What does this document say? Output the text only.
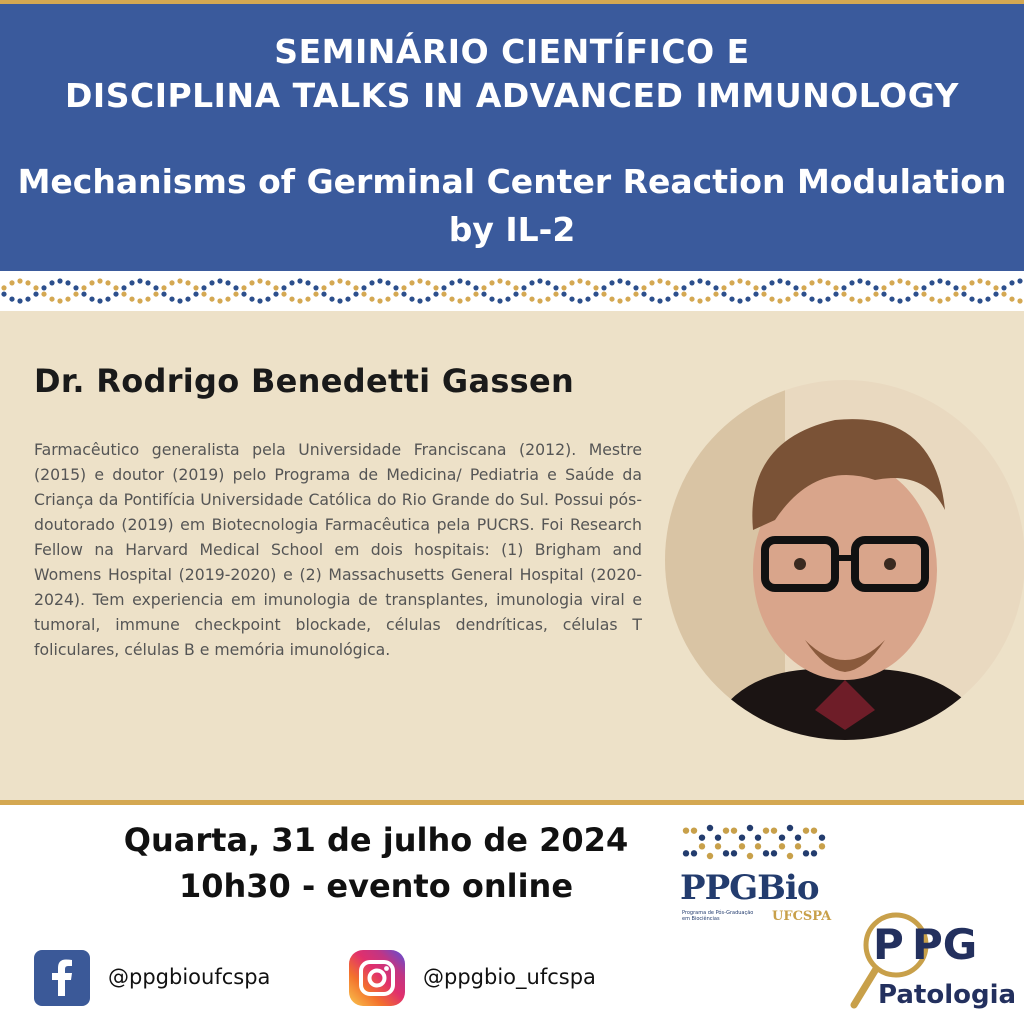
SEMINÁRIO CIENTÍFICO E
DISCIPLINA TALKS IN ADVANCED IMMUNOLOGY
Mechanisms of Germinal Center Reaction Modulation
by IL-2
Dr. Rodrigo Benedetti Gassen
Farmacêutico generalista pela Universidade Franciscana (2012). Mestre (2015) e doutor (2019) pelo Programa de Medicina/ Pediatria e Saúde da Criança da Pontifícia Universidade Católica do Rio Grande do Sul. Possui pós-doutorado (2019) em Biotecnologia Farmacêutica pela PUCRS. Foi Research Fellow na Harvard Medical School em dois hospitais: (1) Brigham and Womens Hospital (2019-2020) e (2) Massachusetts General Hospital (2020-2024). Tem experiencia em imunologia de transplantes, imunologia viral e tumoral, immune checkpoint blockade, células dendríticas, células T foliculares, células B e memória imunológica.
Quarta, 31 de julho de 2024
10h30 - evento online
@ppgbioufcspa	@ppgbio_ufcspa
PPGBio
Programa de Pós-Graduação em Biociências	UFCSPA
P PG
Patologia
